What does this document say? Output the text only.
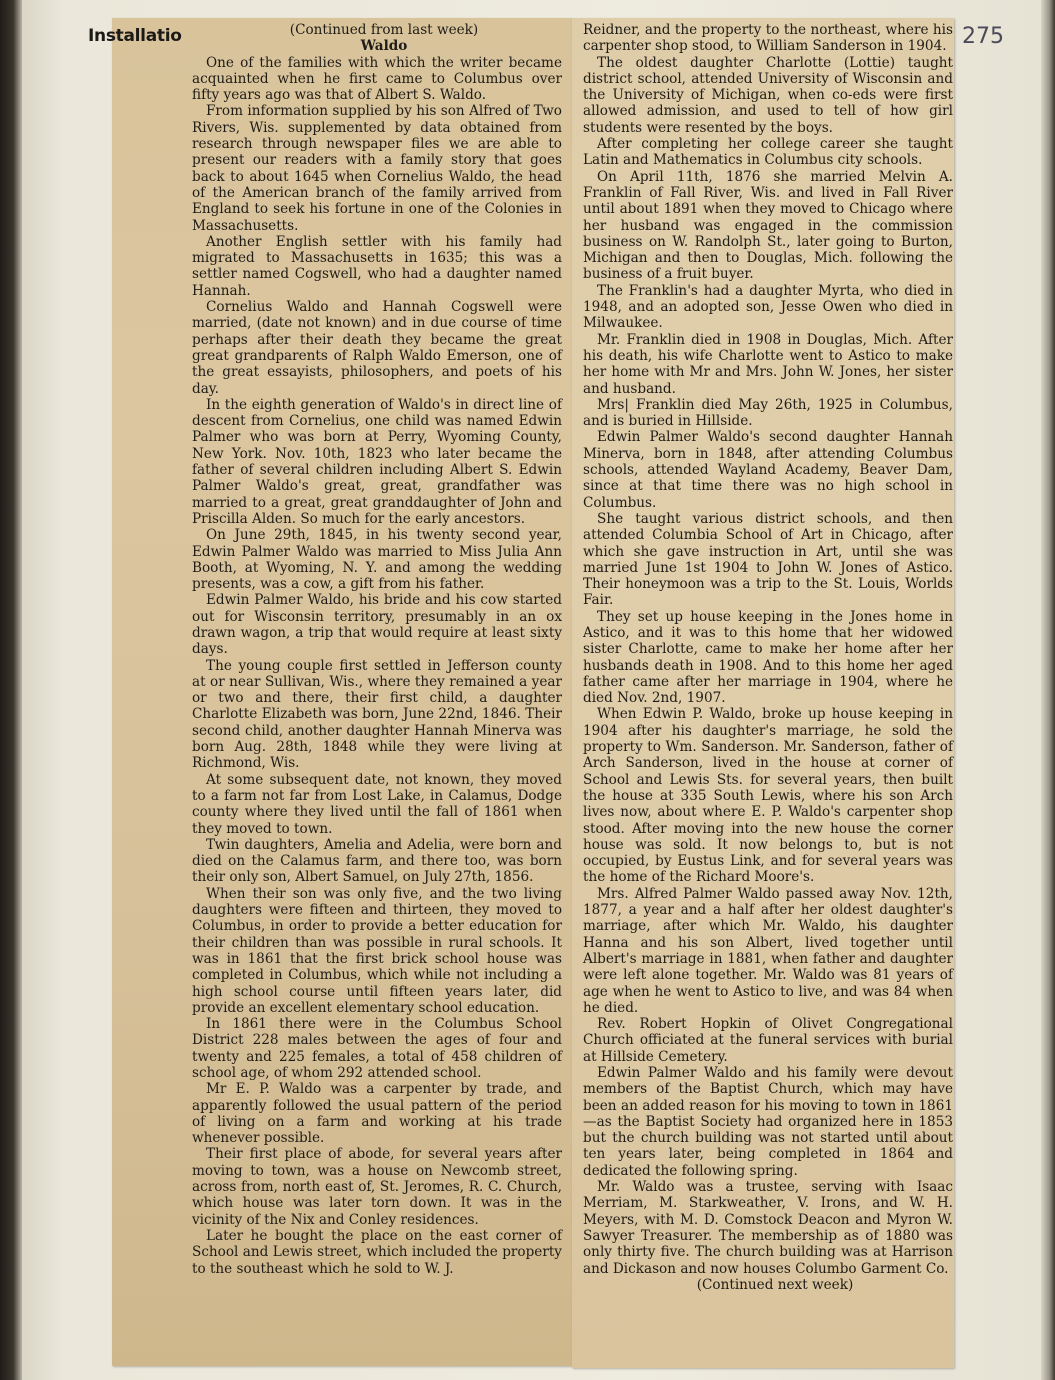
Installatio	275

(Continued from last week)

Waldo

One of the families with which the writer became acquainted when he first came to Columbus over fifty years ago was that of Albert S. Waldo.

From information supplied by his son Alfred of Two Rivers, Wis. supplemented by data obtained from research through newspaper files we are able to present our readers with a family story that goes back to about 1645 when Cornelius Waldo, the head of the American branch of the family arrived from England to seek his fortune in one of the Colonies in Massachusetts.

Another English settler with his family had migrated to Massachusetts in 1635; this was a settler named Cogswell, who had a daughter named Hannah.

Cornelius Waldo and Hannah Cogswell were married, (date not known) and in due course of time perhaps after their death they became the great great grandparents of Ralph Waldo Emerson, one of the great essayists, philosophers, and poets of his day.

In the eighth generation of Waldo's in direct line of descent from Cornelius, one child was named Edwin Palmer who was born at Perry, Wyoming County, New York. Nov. 10th, 1823 who later became the father of several children including Albert S. Edwin Palmer Waldo's great, great, grandfather was married to a great, great granddaughter of John and Priscilla Alden. So much for the early ancestors.

On June 29th, 1845, in his twenty second year, Edwin Palmer Waldo was married to Miss Julia Ann Booth, at Wyoming, N. Y. and among the wedding presents, was a cow, a gift from his father.

Edwin Palmer Waldo, his bride and his cow started out for Wisconsin territory, presumably in an ox drawn wagon, a trip that would require at least sixty days.

The young couple first settled in Jefferson county at or near Sullivan, Wis., where they remained a year or two and there, their first child, a daughter Charlotte Elizabeth was born, June 22nd, 1846. Their second child, another daughter Hannah Minerva was born Aug. 28th, 1848 while they were living at Richmond, Wis.

At some subsequent date, not known, they moved to a farm not far from Lost Lake, in Calamus, Dodge county where they lived until the fall of 1861 when they moved to town.

Twin daughters, Amelia and Adelia, were born and died on the Calamus farm, and there too, was born their only son, Albert Samuel, on July 27th, 1856.

When their son was only five, and the two living daughters were fifteen and thirteen, they moved to Columbus, in order to provide a better education for their children than was possible in rural schools. It was in 1861 that the first brick school house was completed in Columbus, which while not including a high school course until fifteen years later, did provide an excellent elementary school education.

In 1861 there were in the Columbus School District 228 males between the ages of four and twenty and 225 females, a total of 458 children of school age, of whom 292 attended school.

Mr E. P. Waldo was a carpenter by trade, and apparently followed the usual pattern of the period of living on a farm and working at his trade whenever possible.

Their first place of abode, for several years after moving to town, was a house on Newcomb street, across from, north east of, St. Jeromes, R. C. Church, which house was later torn down. It was in the vicinity of the Nix and Conley residences.

Later he bought the place on the east corner of School and Lewis street, which included the property to the southeast which he sold to W. J.

Reidner, and the property to the northeast, where his carpenter shop stood, to William Sanderson in 1904.

The oldest daughter Charlotte (Lottie) taught district school, attended University of Wisconsin and the University of Michigan, when co-eds were first allowed admission, and used to tell of how girl students were resented by the boys.

After completing her college career she taught Latin and Mathematics in Columbus city schools.

On April 11th, 1876 she married Melvin A. Franklin of Fall River, Wis. and lived in Fall River until about 1891 when they moved to Chicago where her husband was engaged in the commission business on W. Randolph St., later going to Burton, Michigan and then to Douglas, Mich. following the business of a fruit buyer.

The Franklin's had a daughter Myrta, who died in 1948, and an adopted son, Jesse Owen who died in Milwaukee.

Mr. Franklin died in 1908 in Douglas, Mich. After his death, his wife Charlotte went to Astico to make her home with Mr and Mrs. John W. Jones, her sister and husband.

Mrs| Franklin died May 26th, 1925 in Columbus, and is buried in Hillside.

Edwin Palmer Waldo's second daughter Hannah Minerva, born in 1848, after attending Columbus schools, attended Wayland Academy, Beaver Dam, since at that time there was no high school in Columbus.

She taught various district schools, and then attended Columbia School of Art in Chicago, after which she gave instruction in Art, until she was married June 1st 1904 to John W. Jones of Astico. Their honeymoon was a trip to the St. Louis, Worlds Fair.

They set up house keeping in the Jones home in Astico, and it was to this home that her widowed sister Charlotte, came to make her home after her husbands death in 1908. And to this home her aged father came after her marriage in 1904, where he died Nov. 2nd, 1907.

When Edwin P. Waldo, broke up house keeping in 1904 after his daughter's marriage, he sold the property to Wm. Sanderson. Mr. Sanderson, father of Arch Sanderson, lived in the house at corner of School and Lewis Sts. for several years, then built the house at 335 South Lewis, where his son Arch lives now, about where E. P. Waldo's carpenter shop stood. After moving into the new house the corner house was sold. It now belongs to, but is not occupied, by Eustus Link, and for several years was the home of the Richard Moore's.

Mrs. Alfred Palmer Waldo passed away Nov. 12th, 1877, a year and a half after her oldest daughter's marriage, after which Mr. Waldo, his daughter Hanna and his son Albert, lived together until Albert's marriage in 1881, when father and daughter were left alone together. Mr. Waldo was 81 years of age when he went to Astico to live, and was 84 when he died.

Rev. Robert Hopkin of Olivet Congregational Church officiated at the funeral services with burial at Hillside Cemetery.

Edwin Palmer Waldo and his family were devout members of the Baptist Church, which may have been an added reason for his moving to town in 1861—as the Baptist Society had organized here in 1853 but the church building was not started until about ten years later, being completed in 1864 and dedicated the following spring.

Mr. Waldo was a trustee, serving with Isaac Merriam, M. Starkweather, V. Irons, and W. H. Meyers, with M. D. Comstock Deacon and Myron W. Sawyer Treasurer. The membership as of 1880 was only thirty five. The church building was at Harrison and Dickason and now houses Columbo Garment Co.

(Continued next week)
